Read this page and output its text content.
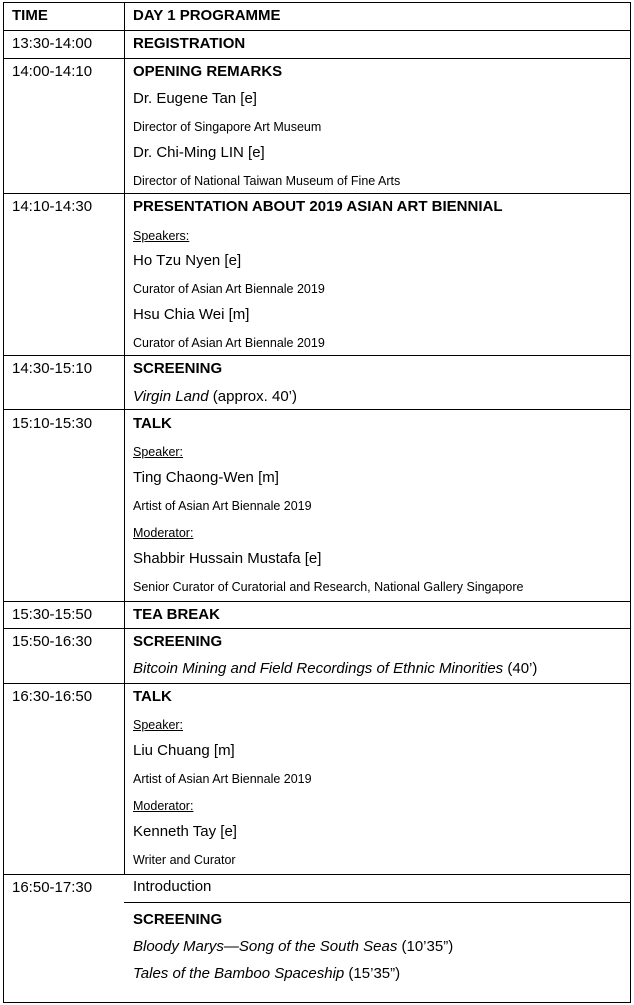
TIME	DAY 1 PROGRAMME
13:30-14:00	REGISTRATION
14:00-14:10	OPENING REMARKS
Dr. Eugene Tan [e]
Director of Singapore Art Museum
Dr. Chi-Ming LIN [e]
Director of National Taiwan Museum of Fine Arts
14:10-14:30	PRESENTATION ABOUT 2019 ASIAN ART BIENNIAL
Speakers:
Ho Tzu Nyen [e]
Curator of Asian Art Biennale 2019
Hsu Chia Wei [m]
Curator of Asian Art Biennale 2019
14:30-15:10	SCREENING
Virgin Land (approx. 40’)
15:10-15:30	TALK
Speaker:
Ting Chaong-Wen [m]
Artist of Asian Art Biennale 2019
Moderator:
Shabbir Hussain Mustafa [e]
Senior Curator of Curatorial and Research, National Gallery Singapore
15:30-15:50	TEA BREAK
15:50-16:30	SCREENING
Bitcoin Mining and Field Recordings of Ethnic Minorities (40’)
16:30-16:50	TALK
Speaker:
Liu Chuang [m]
Artist of Asian Art Biennale 2019
Moderator:
Kenneth Tay [e]
Writer and Curator
16:50-17:30	Introduction
SCREENING
Bloody Marys—Song of the South Seas (10’35”)
Tales of the Bamboo Spaceship (15’35”)
